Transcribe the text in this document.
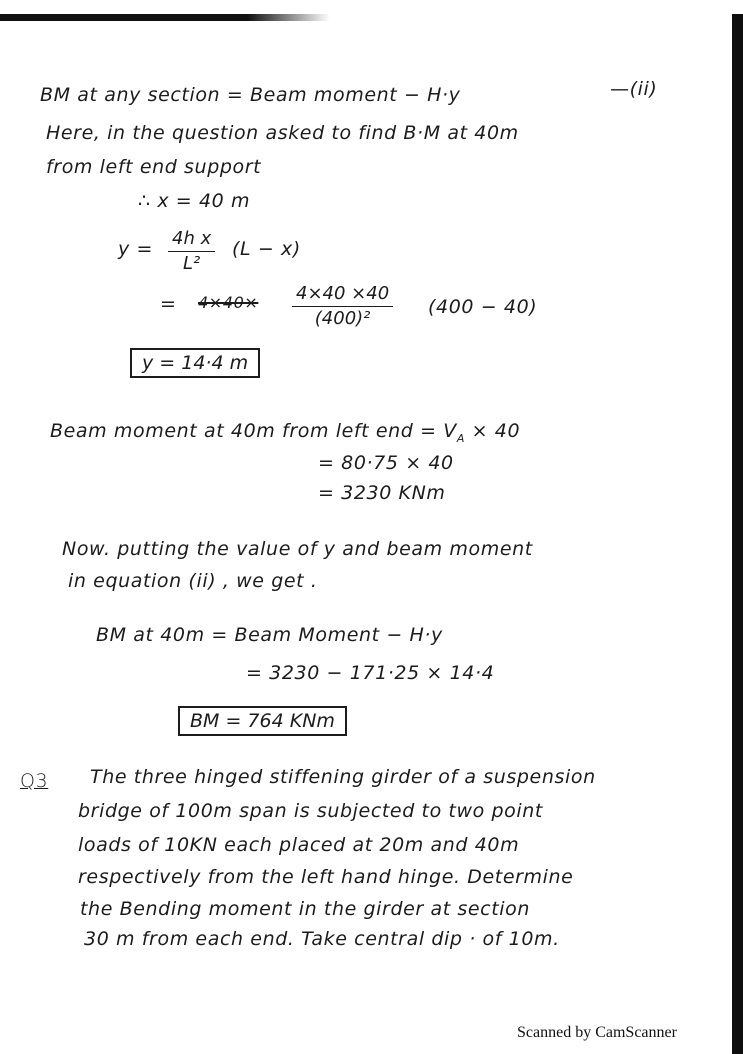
BM at any section = Beam moment − H·y	—(ii)
Here, in the question asked to find B·M at 40m
from left end support
∴ x = 40 m
$y = \frac{\text{4h x}}{\text{L²}} (L - x)$
= $4\times 40\times \frac{4\times 40 \times 40}{\text{(400)²}} (400 - 40)$
y = 14·4 m
Beam moment at 40m from left end = $V_A \times 40$
= 80·75 × 40
= 3230 KNm
Now. putting the value of y and beam moment
in equation (ii) , we get .
BM at 40m = Beam Moment − H·y
= 3230 − 171·25 × 14·4
BM = 764 KNm
Q3 The three hinged stiffening girder of a suspension
bridge of 100m span is subjected to two point
loads of 10KN each placed at 20m and 40m
respectively from the left hand hinge. Determine
the Bending moment in the girder at section
30 m from each end. Take central dip · of 10m.
Scanned by CamScanner
